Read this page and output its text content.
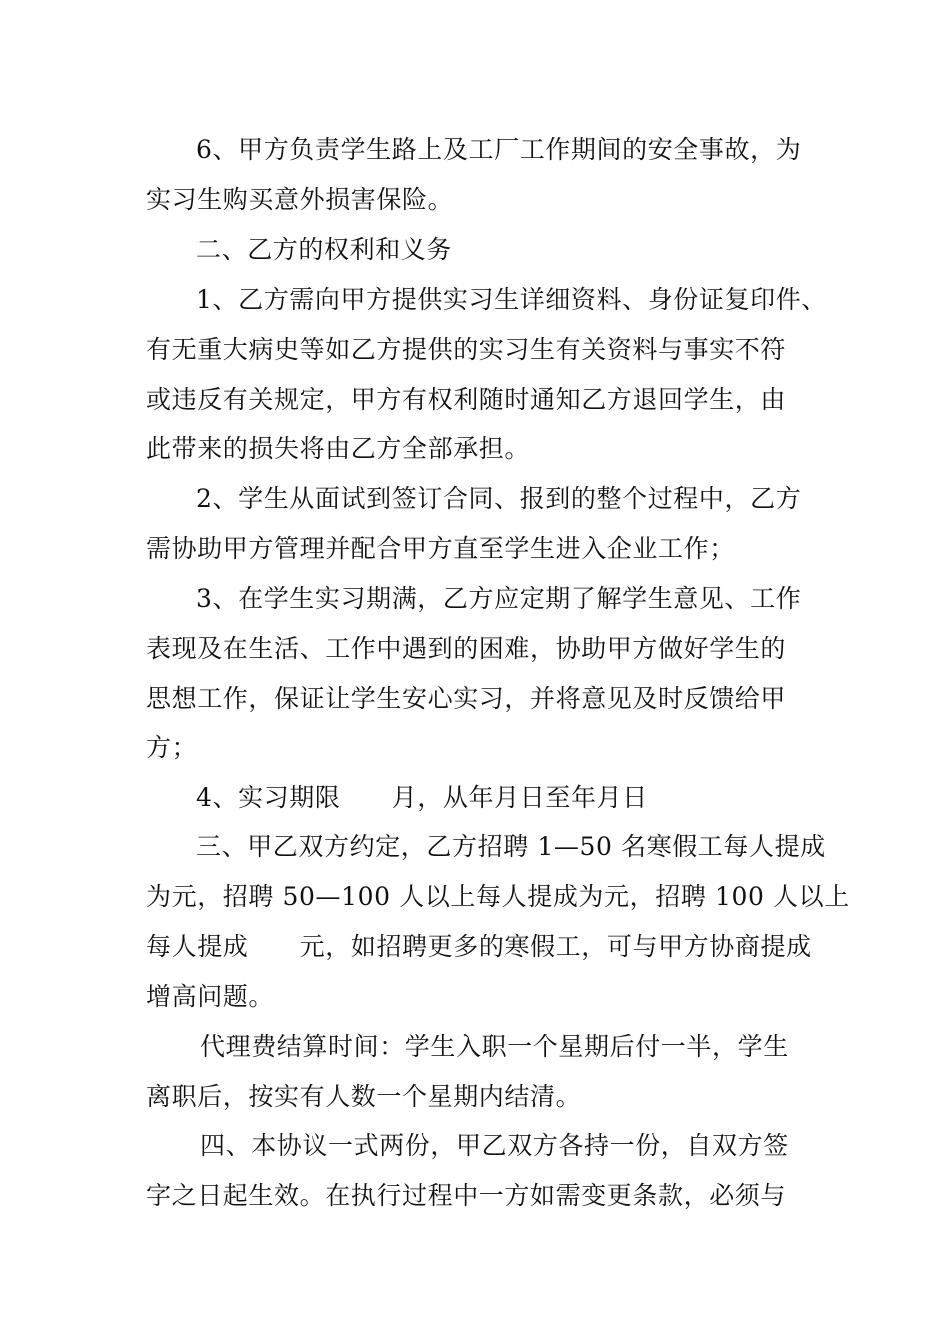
6、甲方负责学生路上及工厂工作期间的安全事故，为
实习生购买意外损害保险。
二、乙方的权利和义务
1、乙方需向甲方提供实习生详细资料、身份证复印件、
有无重大病史等如乙方提供的实习生有关资料与事实不符
或违反有关规定，甲方有权利随时通知乙方退回学生，由
此带来的损失将由乙方全部承担。
2、学生从面试到签订合同、报到的整个过程中，乙方
需协助甲方管理并配合甲方直至学生进入企业工作；
3、在学生实习期满，乙方应定期了解学生意见、工作
表现及在生活、工作中遇到的困难，协助甲方做好学生的
思想工作，保证让学生安心实习，并将意见及时反馈给甲
方；
4、实习期限      月，从年月日至年月日
三、甲乙双方约定，乙方招聘 1—50 名寒假工每人提成
为元，招聘 50—100 人以上每人提成为元，招聘 100 人以上
每人提成      元，如招聘更多的寒假工，可与甲方协商提成
增高问题。
代理费结算时间：学生入职一个星期后付一半，学生
离职后，按实有人数一个星期内结清。
四、本协议一式两份，甲乙双方各持一份，自双方签
字之日起生效。在执行过程中一方如需变更条款，必须与
